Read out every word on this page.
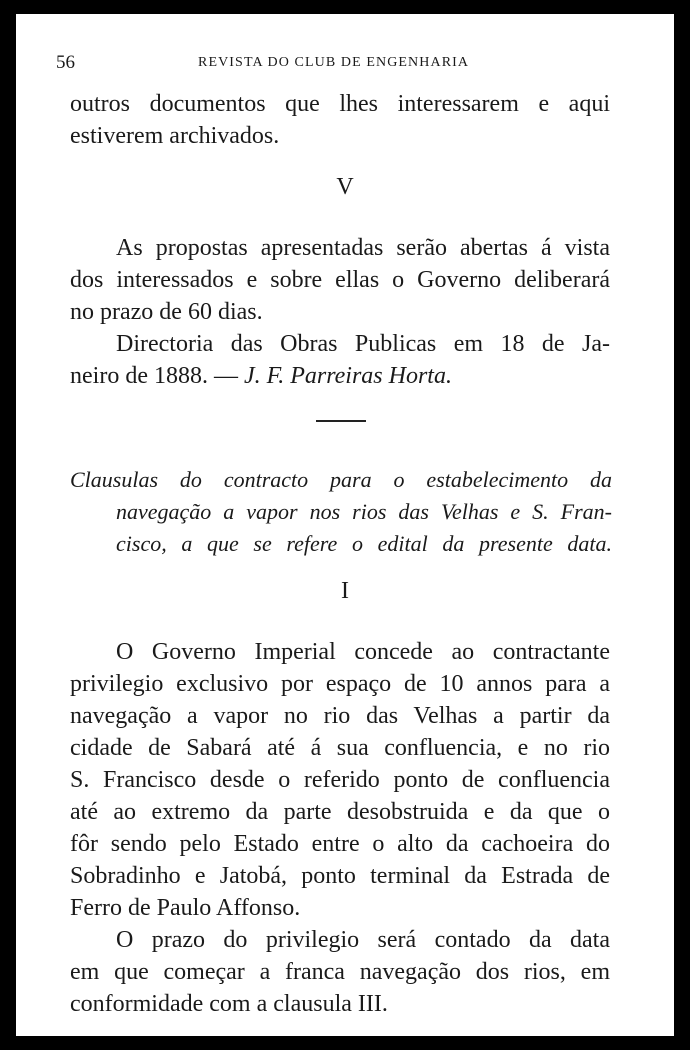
56	REVISTA DO CLUB DE ENGENHARIA
outros documentos que lhes interessarem e aqui
estiverem archivados.
V
As propostas apresentadas serão abertas á vista
dos interessados e sobre ellas o Governo deliberará
no prazo de 60 dias.
Directoria das Obras Publicas em 18 de Ja-
neiro de 1888. — J. F. Parreiras Horta.
Clausulas do contracto para o estabelecimento da
navegação a vapor nos rios das Velhas e S. Fran-
cisco, a que se refere o edital da presente data.
I
O Governo Imperial concede ao contractante
privilegio exclusivo por espaço de 10 annos para a
navegação a vapor no rio das Velhas a partir da
cidade de Sabará até á sua confluencia, e no rio
S. Francisco desde o referido ponto de confluencia
até ao extremo da parte desobstruida e da que o
fôr sendo pelo Estado entre o alto da cachoeira do
Sobradinho e Jatobá, ponto terminal da Estrada de
Ferro de Paulo Affonso.
O prazo do privilegio será contado da data
em que começar a franca navegação dos rios, em
conformidade com a clausula III.
